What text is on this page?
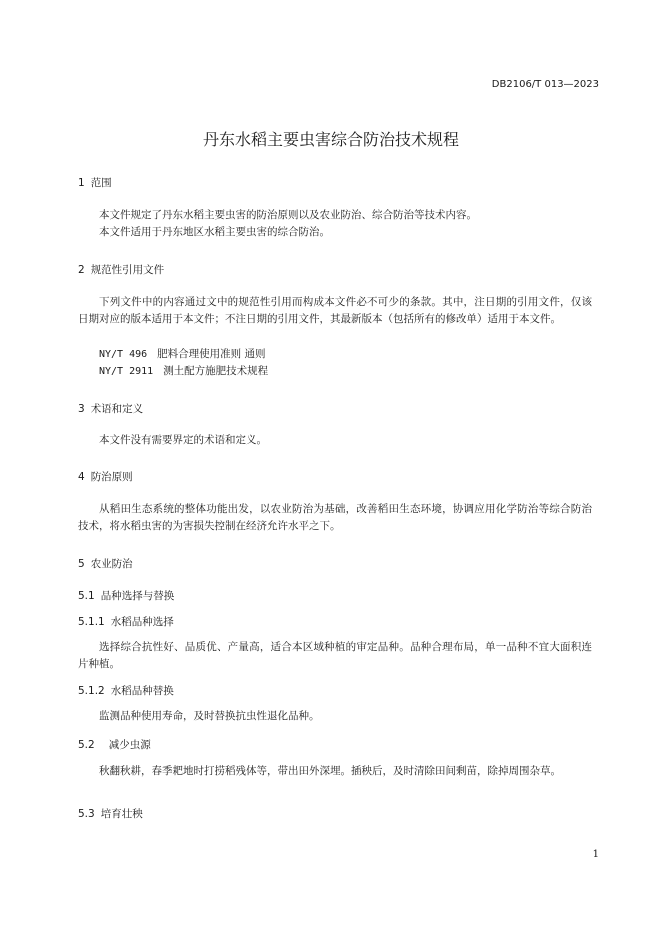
DB2106/T 013—2023
丹东水稻主要虫害综合防治技术规程
1 范围

本文件规定了丹东水稻主要虫害的防治原则以及农业防治、综合防治等技术内容。

本文件适用于丹东地区水稻主要虫害的综合防治。

2 规范性引用文件

下列文件中的内容通过文中的规范性引用而构成本文件必不可少的条款。其中，注日期的引用文件，仅该日期对应的版本适用于本文件；不注日期的引用文件，其最新版本（包括所有的修改单）适用于本文件。

NY/T 496 肥料合理使用准则 通则

NY/T 2911 测土配方施肥技术规程

3 术语和定义

本文件没有需要界定的术语和定义。

4 防治原则

从稻田生态系统的整体功能出发，以农业防治为基础，改善稻田生态环境，协调应用化学防治等综合防治技术，将水稻虫害的为害损失控制在经济允许水平之下。

5 农业防治
5.1 品种选择与替换
5.1.1 水稻品种选择

选择综合抗性好、品质优、产量高，适合本区域种植的审定品种。品种合理布局，单一品种不宜大面积连片种植。

5.1.2 水稻品种替换

监测品种使用寿命，及时替换抗虫性退化品种。

5.2 减少虫源

秋翻秋耕，春季耙地时打捞稻残体等，带出田外深埋。插秧后，及时清除田间剩苗，除掉周围杂草。

5.3 培育壮秧
1
